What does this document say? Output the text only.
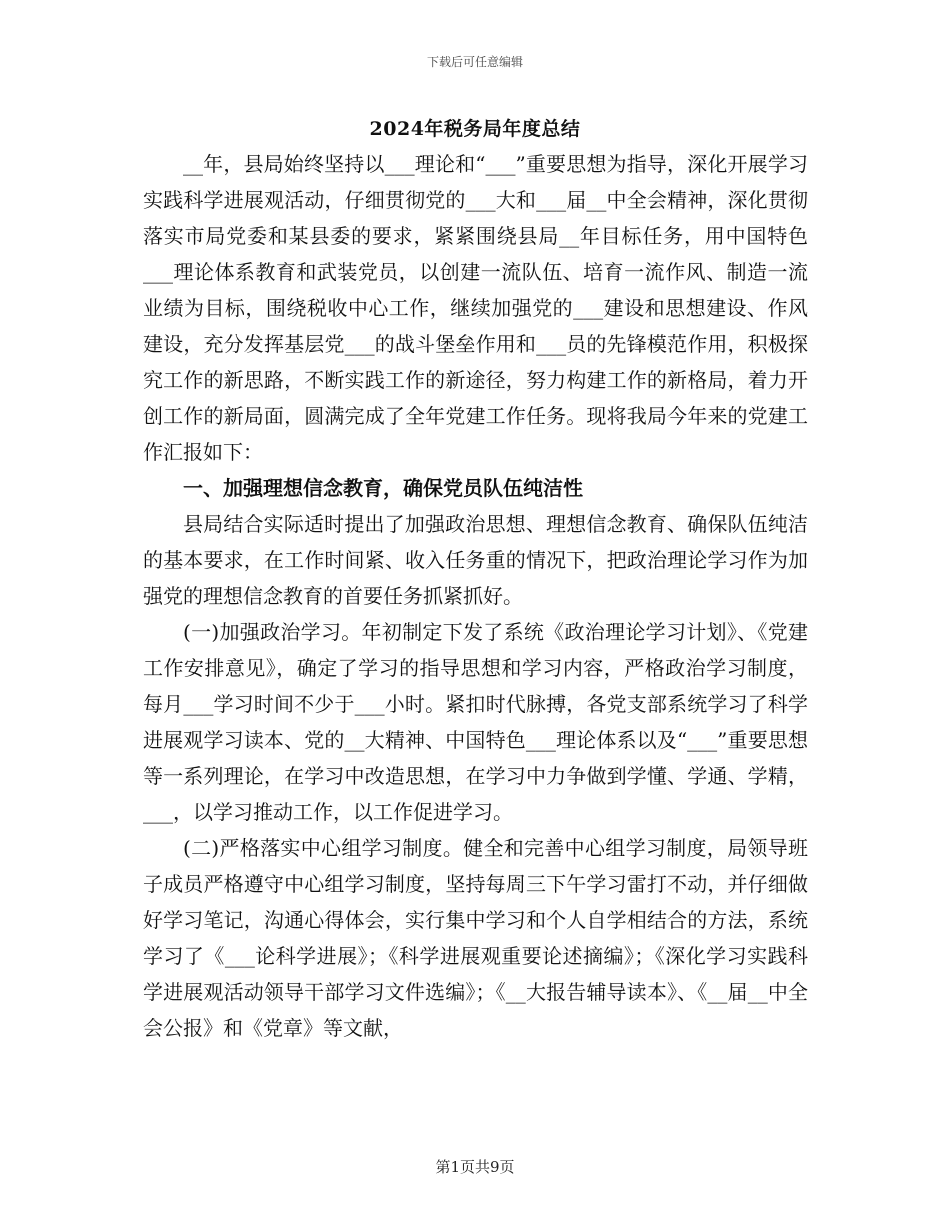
下载后可任意编辑
2024年税务局年度总结

__年，县局始终坚持以___理论和“___”重要思想为指导，深化开展学习实践科学进展观活动，仔细贯彻党的___大和___届__中全会精神，深化贯彻落实市局党委和某县委的要求，紧紧围绕县局__年目标任务，用中国特色___理论体系教育和武装党员，以创建一流队伍、培育一流作风、制造一流业绩为目标，围绕税收中心工作，继续加强党的___建设和思想建设、作风建设，充分发挥基层党___的战斗堡垒作用和___员的先锋模范作用，积极探究工作的新思路，不断实践工作的新途径，努力构建工作的新格局，着力开创工作的新局面，圆满完成了全年党建工作任务。现将我局今年来的党建工作汇报如下：

一、加强理想信念教育，确保党员队伍纯洁性

县局结合实际适时提出了加强政治思想、理想信念教育、确保队伍纯洁的基本要求，在工作时间紧、收入任务重的情况下，把政治理论学习作为加强党的理想信念教育的首要任务抓紧抓好。

(一)加强政治学习。年初制定下发了系统《政治理论学习计划》、《党建工作安排意见》，确定了学习的指导思想和学习内容，严格政治学习制度，每月___学习时间不少于___小时。紧扣时代脉搏，各党支部系统学习了科学进展观学习读本、党的__大精神、中国特色___理论体系以及“___”重要思想等一系列理论，在学习中改造思想，在学习中力争做到学懂、学通、学精，___，以学习推动工作，以工作促进学习。

(二)严格落实中心组学习制度。健全和完善中心组学习制度，局领导班子成员严格遵守中心组学习制度，坚持每周三下午学习雷打不动，并仔细做好学习笔记，沟通心得体会，实行集中学习和个人自学相结合的方法，系统学习了《___论科学进展》；《科学进展观重要论述摘编》；《深化学习实践科学进展观活动领导干部学习文件选编》；《__大报告辅导读本》、《__届__中全会公报》和《党章》等文献，

第1页共9页
